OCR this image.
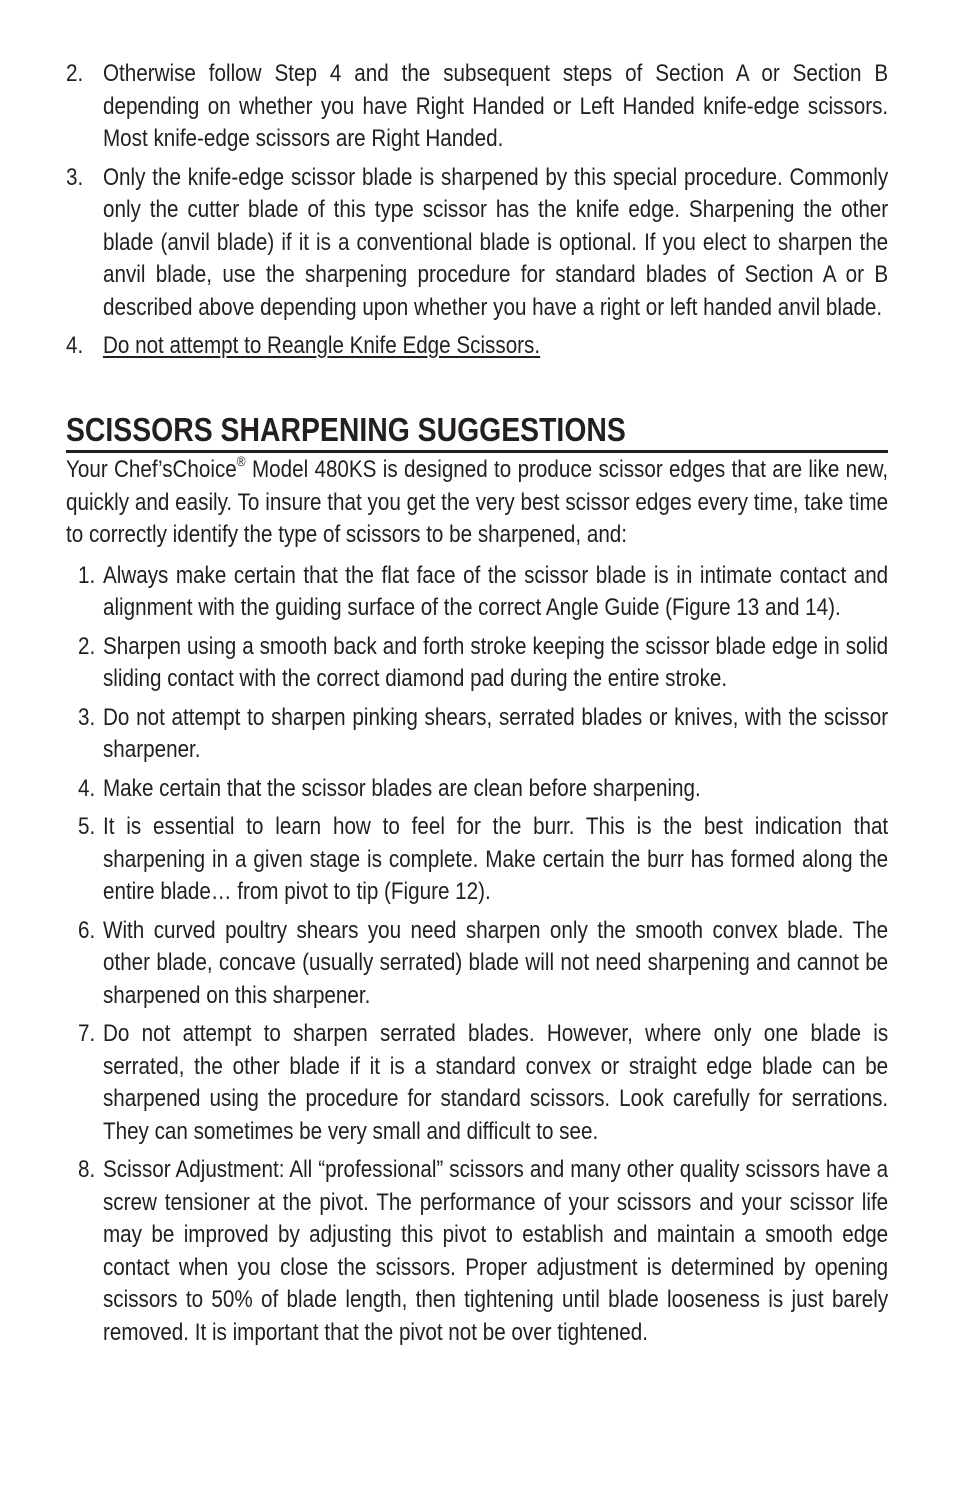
2. Otherwise follow Step 4 and the subsequent steps of Section A or Section B depending on whether you have Right Handed or Left Handed knife-edge scissors. Most knife-edge scissors are Right Handed.
3. Only the knife-edge scissor blade is sharpened by this special procedure. Commonly only the cutter blade of this type scissor has the knife edge. Sharpening the other blade (anvil blade) if it is a conventional blade is optional. If you elect to sharpen the anvil blade, use the sharpening procedure for standard blades of Section A or B described above depending upon whether you have a right or left handed anvil blade.
4. Do not attempt to Reangle Knife Edge Scissors.
SCISSORS SHARPENING SUGGESTIONS
Your Chef’sChoice® Model 480KS is designed to produce scissor edges that are like new, quickly and easily. To insure that you get the very best scissor edges every time, take time to correctly identify the type of scissors to be sharpened, and:
1. Always make certain that the flat face of the scissor blade is in intimate contact and alignment with the guiding surface of the correct Angle Guide (Figure 13 and 14).
2. Sharpen using a smooth back and forth stroke keeping the scissor blade edge in solid sliding contact with the correct diamond pad during the entire stroke.
3. Do not attempt to sharpen pinking shears, serrated blades or knives, with the scissor sharpener.
4. Make certain that the scissor blades are clean before sharpening.
5. It is essential to learn how to feel for the burr. This is the best indication that sharpening in a given stage is complete. Make certain the burr has formed along the entire blade… from pivot to tip (Figure 12).
6. With curved poultry shears you need sharpen only the smooth convex blade. The other blade, concave (usually serrated) blade will not need sharpening and cannot be sharpened on this sharpener.
7. Do not attempt to sharpen serrated blades. However, where only one blade is serrated, the other blade if it is a standard convex or straight edge blade can be sharpened using the procedure for standard scissors. Look carefully for serrations. They can sometimes be very small and difficult to see.
8. Scissor Adjustment: All “professional” scissors and many other quality scissors have a screw tensioner at the pivot. The performance of your scissors and your scissor life may be improved by adjusting this pivot to establish and maintain a smooth edge contact when you close the scissors. Proper adjustment is determined by opening scissors to 50% of blade length, then tightening until blade looseness is just barely removed. It is important that the pivot not be over tightened.
